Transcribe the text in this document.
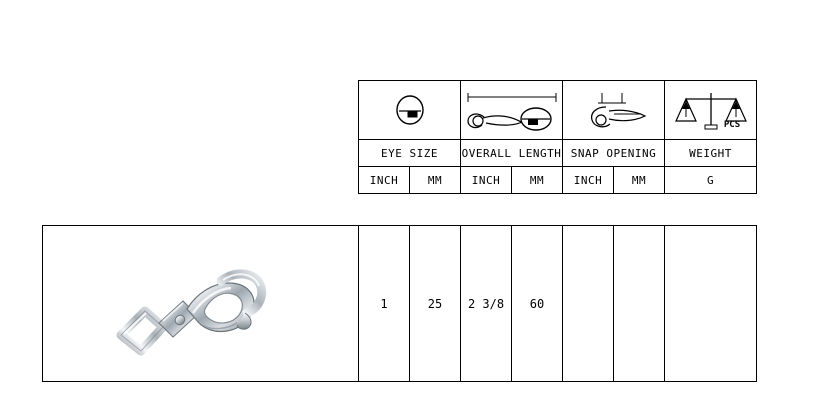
PCS

EYE SIZE		OVERALL LENGTH		SNAP OPENING		WEIGHT
INCH	MM	INCH	MM	INCH	MM	G
	1	25	2 3/8	60			
